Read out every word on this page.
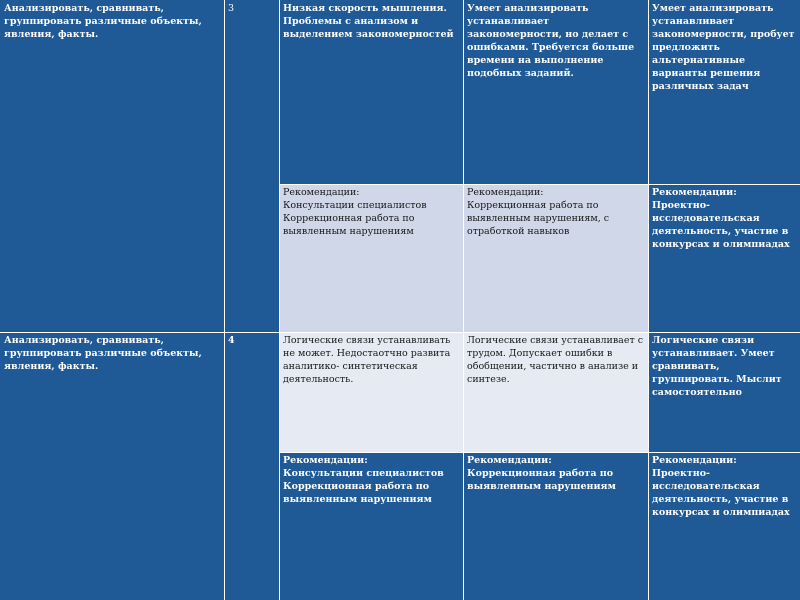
Анализировать, сравнивать, группировать различные объекты, явления, факты.
3	Низкая скорость мышления. Проблемы с анализом и выделением закономерностей
Умеет анализировать устанавливает закономерности, но делает с ошибками. Требуется больше времени на выполнение подобных заданий.
Умеет анализировать устанавливает закономерности, пробует предложить альтернативные варианты решения различных задач
Рекомендации:
Консультации специалистов
Коррекционная работа по выявленным нарушениям
Рекомендации:
Коррекционная работа по выявленным нарушениям, с отработкой навыков
Рекомендации:
Проектно-исследовательская деятельность, участие в конкурсах и олимпиадах
Анализировать, сравнивать, группировать различные объекты, явления, факты.
4	Логические связи устанавливать не может. Недостаотчно развита аналитико- синтетическая деятельность.
Логические связи устанавливает с трудом. Допускает ошибки в обобщении, частично в анализе и синтезе.
Логические связи устанавливает. Умеет сравнивать, группировать. Мыслит самостоятельно
Рекомендации:
Консультации специалистов
Коррекционная работа по выявленным нарушениям
Рекомендации:
Коррекционная работа по выявленным нарушениям
Рекомендации:
Проектно-исследовательская деятельность, участие в конкурсах и олимпиадах
